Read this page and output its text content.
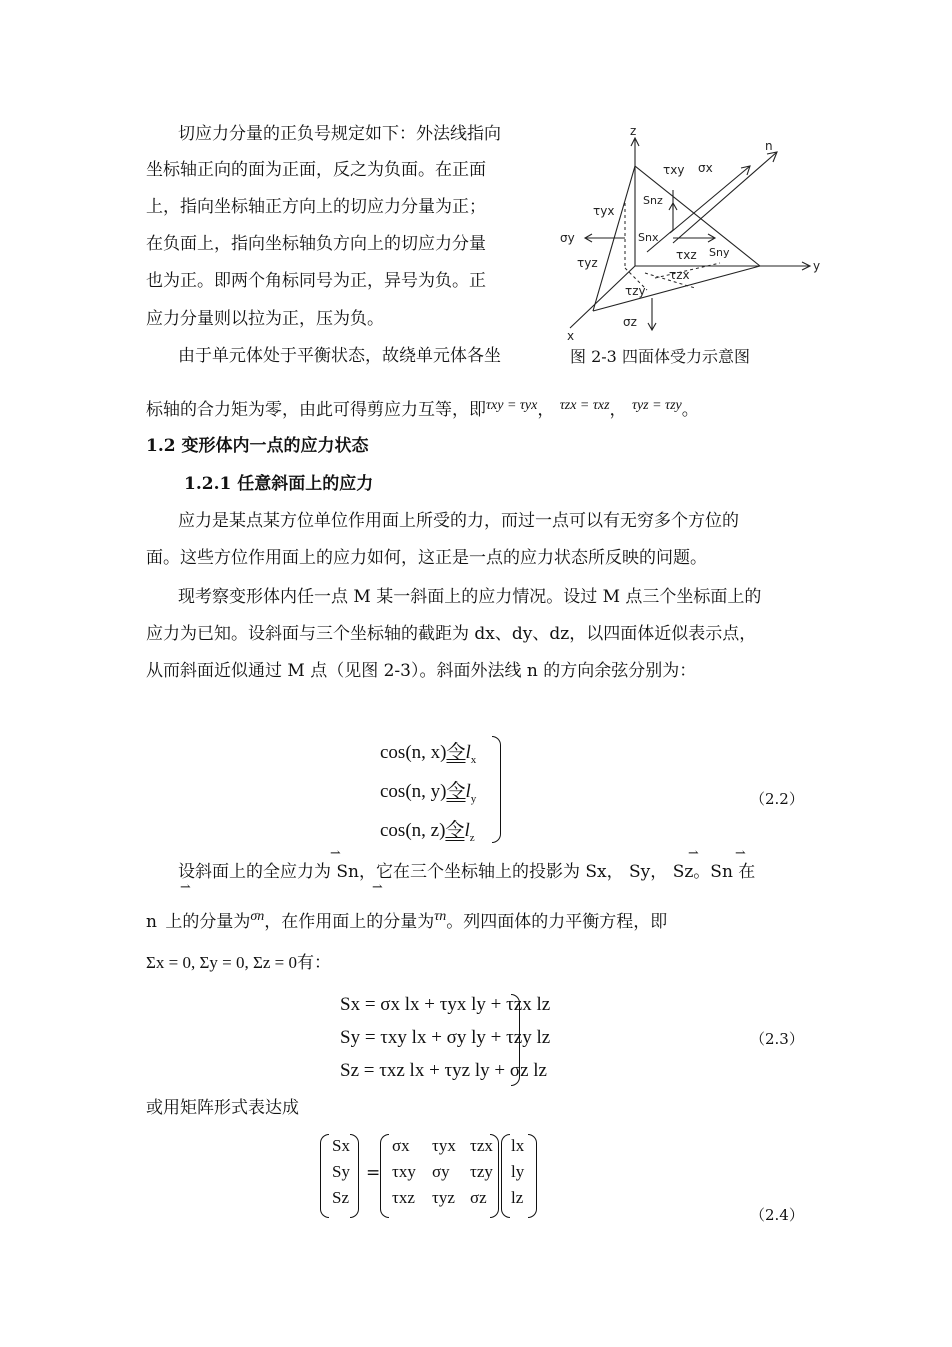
切应力分量的正负号规定如下：外法线指向
坐标轴正向的面为正面，反之为负面。在正面
上，指向坐标轴正方向上的切应力分量为正；
在负面上，指向坐标轴负方向上的切应力分量
也为正。即两个角标同号为正，异号为负。正
应力分量则以拉为正，压为负。
由于单元体处于平衡状态，故绕单元体各坐
z
y
x
n
τxy σx
τyx
Snz
σy	Snx
τxz Sny
τyz
τzx
τzy
σz
图 2-3 四面体受力示意图
标轴的合力矩为零，由此可得剪应力互等，即$^{\tau xy = \tau yx}$， $^{\tau zx = \tau xz}$， $^{\tau yz = \tau zy}$。
1.2 变形体内一点的应力状态
1.2.1 任意斜面上的应力
应力是某点某方位单位作用面上所受的力，而过一点可以有无穷多个方位的
面。这些方位作用面上的应力如何，这正是一点的应力状态所反映的问题。
现考察变形体内任一点 M 某一斜面上的应力情况。设过 M 点三个坐标面上的
应力为已知。设斜面与三个坐标轴的截距为 dx、dy、dz，以四面体近似表示点，
从而斜面近似通过 M 点（见图 2-3）。斜面外法线 n 的方向余弦分别为：
cos(n, x)令$l_x$
cos(n, y)令$l_y$
cos(n, z)令$l_z$
（2.2）
⇀	⇀	⇀
⇀	⇀
设斜面上的全应力为 Sn，它在三个坐标轴上的投影为 Sx， Sy， Sz。Sn 在
n 上的分量为$^{\sigma n}$，在作用面上的分量为$^{\tau n}$。列四面体的力平衡方程，即
Σx = 0, Σy = 0, Σz = 0有：
Sx = σx lx + τyx ly + τzx lz
Sy = τxy lx + σy ly + τzy lz
Sz = τxz lx + τyz ly + σz lz
（2.3）
或用矩阵形式表达成
Sx
Sy
Sz
=
σx τyx τzx
τxy σy τzy
τxz τyz σz
lx
ly
lz
（2.4）
